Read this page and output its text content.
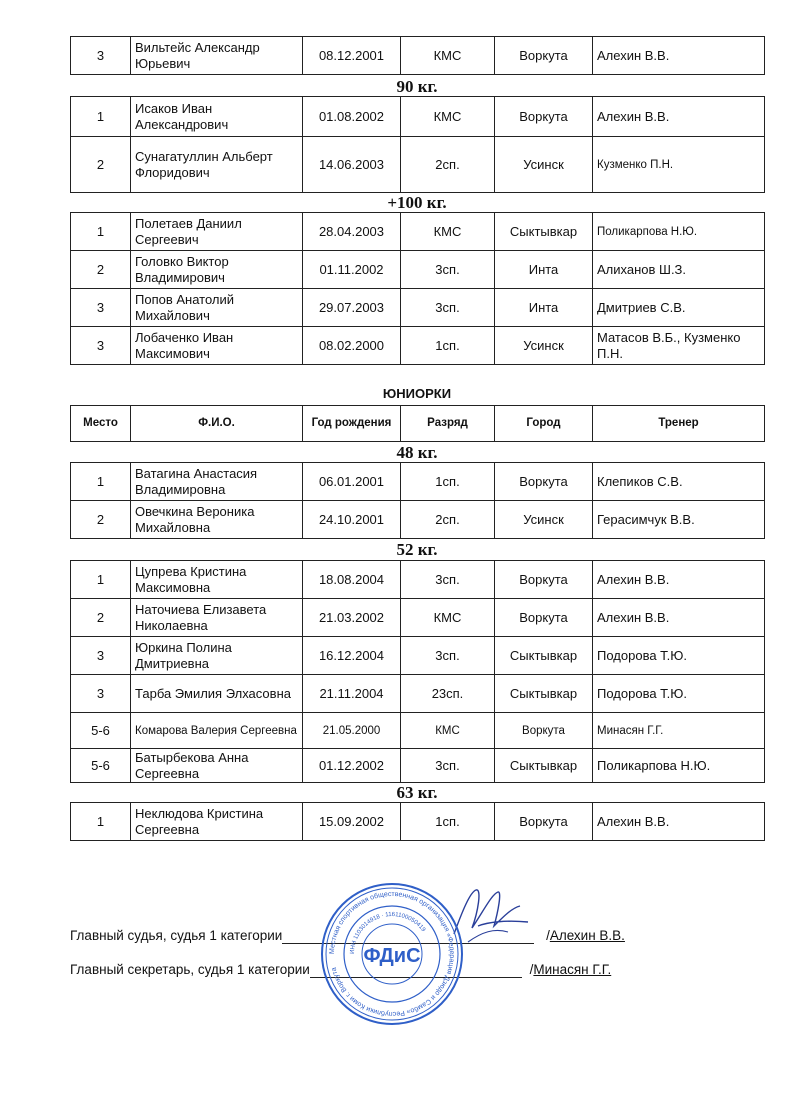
3	Вильтейс Александр Юрьевич	08.12.2001	КМС	Воркута	Алехин В.В.
90 кг.
1	Исаков Иван Александрович	01.08.2002	КМС	Воркута	Алехин В.В.
2	Сунагатуллин Альберт Флоридович	14.06.2003	2сп.	Усинск	Кузменко П.Н.
+100 кг.
1	Полетаев Даниил Сергеевич	28.04.2003	КМС	Сыктывкар	Поликарпова Н.Ю.
2	Головко Виктор Владимирович	01.11.2002	3сп.	Инта	Алиханов Ш.З.
3	Попов Анатолий Михайлович	29.07.2003	3сп.	Инта	Дмитриев С.В.
3	Лобаченко Иван Максимович	08.02.2000	1сп.	Усинск	Матасов В.Б., Кузменко П.Н.
ЮНИОРКИ
Место	Ф.И.О.	Год рождения	Разряд	Город	Тренер
48 кг.
1	Ватагина Анастасия Владимировна	06.01.2001	1сп.	Воркута	Клепиков С.В.
2	Овечкина Вероника Михайловна	24.10.2001	2сп.	Усинск	Герасимчук В.В.
52 кг.
1	Цупрева Кристина Максимовна	18.08.2004	3сп.	Воркута	Алехин В.В.
2	Наточиева Елизавета Николаевна	21.03.2002	КМС	Воркута	Алехин В.В.
3	Юркина Полина Дмитриевна	16.12.2004	3сп.	Сыктывкар	Подорова Т.Ю.
3	Тарба Эмилия Элхасовна	21.11.2004	23сп.	Сыктывкар	Подорова Т.Ю.
5-6	Комарова Валерия Сергеевна	21.05.2000	КМС	Воркута	Минасян Г.Г.
5-6	Батырбекова Анна Сергеевна	01.12.2002	3сп.	Сыктывкар	Поликарпова Н.Ю.
63 кг.
1	Неклюдова Кристина Сергеевна	15.09.2002	1сп.	Воркута	Алехин В.В.
Главный судья, судья 1 категории	/Алехин В.В.
Главный секретарь, судья 1 категории	/Минасян Г.Г.
Местная спортивная общественная организация «Федерация Дзюдо и Самбо» Республики Коми г. Воркута
ИНН 1103014918 · 1161100050419
ФДиС
